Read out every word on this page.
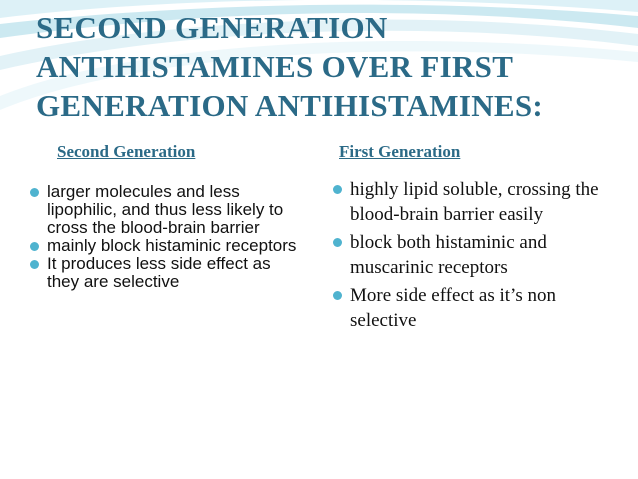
SECOND GENERATION
ANTIHISTAMINES OVER FIRST
GENERATION ANTIHISTAMINES:
Second Generation	First Generation
larger molecules and less lipophilic, and thus less likely to cross the blood-brain barrier
mainly block histaminic receptors
It produces less side effect as they are selective
highly lipid soluble, crossing the blood-brain barrier easily
block both histaminic and muscarinic receptors
More side effect as it’s non selective
